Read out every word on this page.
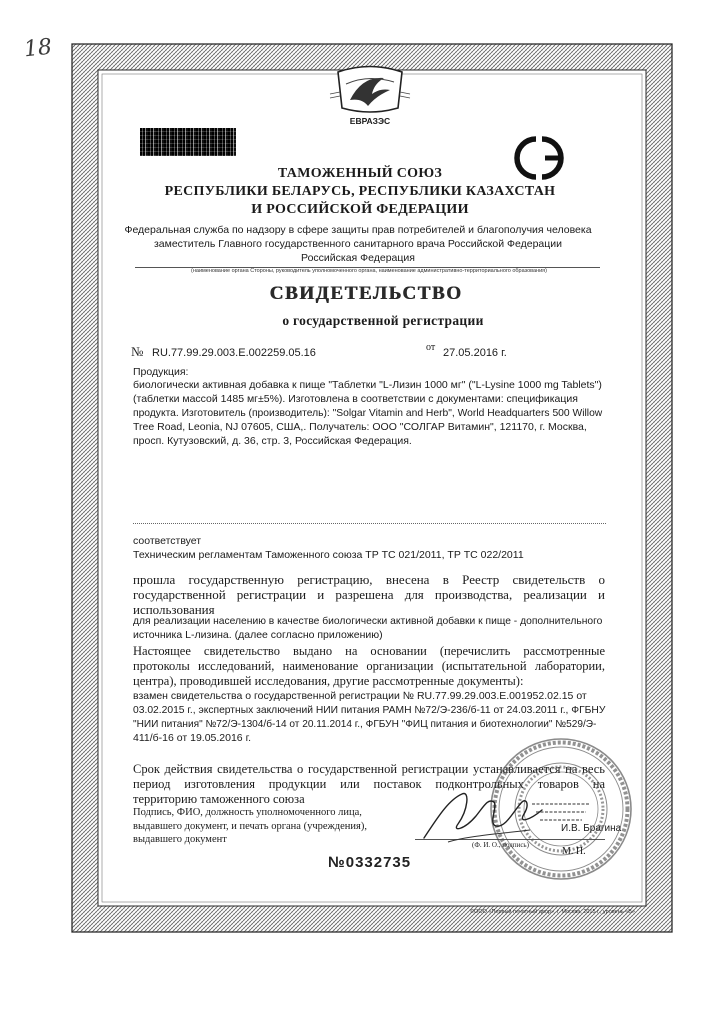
18
ЕВРАЗЭС
ТАМОЖЕННЫЙ СОЮЗ
РЕСПУБЛИКИ БЕЛАРУСЬ, РЕСПУБЛИКИ КАЗАХСТАН
И РОССИЙСКОЙ ФЕДЕРАЦИИ
Федеральная служба по надзору в сфере защиты прав потребителей и благополучия человека
заместитель Главного государственного санитарного врача Российской Федерации
Российская Федерация
(наименование органа Стороны, руководитель уполномоченного органа, наименование административно-территориального образования)
СВИДЕТЕЛЬСТВО
о государственной регистрации
№ RU.77.99.29.003.E.002259.05.16	от 27.05.2016 г.
Продукция:
биологически активная добавка к пище "Таблетки "L-Лизин 1000 мг" ("L-Lysine 1000 mg Tablets")
(таблетки массой 1485 мг±5%). Изготовлена в соответствии с документами: спецификация
продукта. Изготовитель (производитель): "Solgar Vitamin and Herb", World Headquarters 500 Willow
Tree Road, Leonia, NJ 07605, США,. Получатель: ООО "СОЛГАР Витамин", 121170, г. Москва,
просп. Кутузовский, д. 36, стр. 3, Российская Федерация.
соответствует
Техническим регламентам Таможенного союза ТР ТС 021/2011, ТР ТС 022/2011
прошла государственную регистрацию, внесена в Реестр свидетельств о
государственной регистрации и разрешена для производства, реализации и
использования
для реализации населению в качестве биологически активной добавки к пище - дополнительного
источника L-лизина. (далее согласно приложению)
Настоящее свидетельство выдано на основании (перечислить рассмотренные
протоколы исследований, наименование организации (испытательной лаборатории,
центра), проводившей исследования, другие рассмотренные документы):
взамен свидетельства о государственной регистрации № RU.77.99.29.003.E.001952.02.15 от
03.02.2015 г., экспертных заключений НИИ питания РАМН №72/Э-236/б-11 от 24.03.2011 г., ФГБНУ
"НИИ питания" №72/Э-1304/б-14 от 20.11.2014 г., ФГБУН "ФИЦ питания и биотехнологии" №529/Э-
411/б-16 от 19.05.2016 г.
Срок действия свидетельства о государственной регистрации устанавливается на весь
период изготовления продукции или поставок подконтрольных товаров на
территорию таможенного союза
Подпись, ФИО, должность уполномоченного лица,
выдавшего документ, и печать органа (учреждения),
выдавшего документ
И.В. Брагина
(Ф. И. О., подпись)
М. П.
№0332735
©ООО «Первый печатный двор», г. Москва, 2015 г., уровень «В»
